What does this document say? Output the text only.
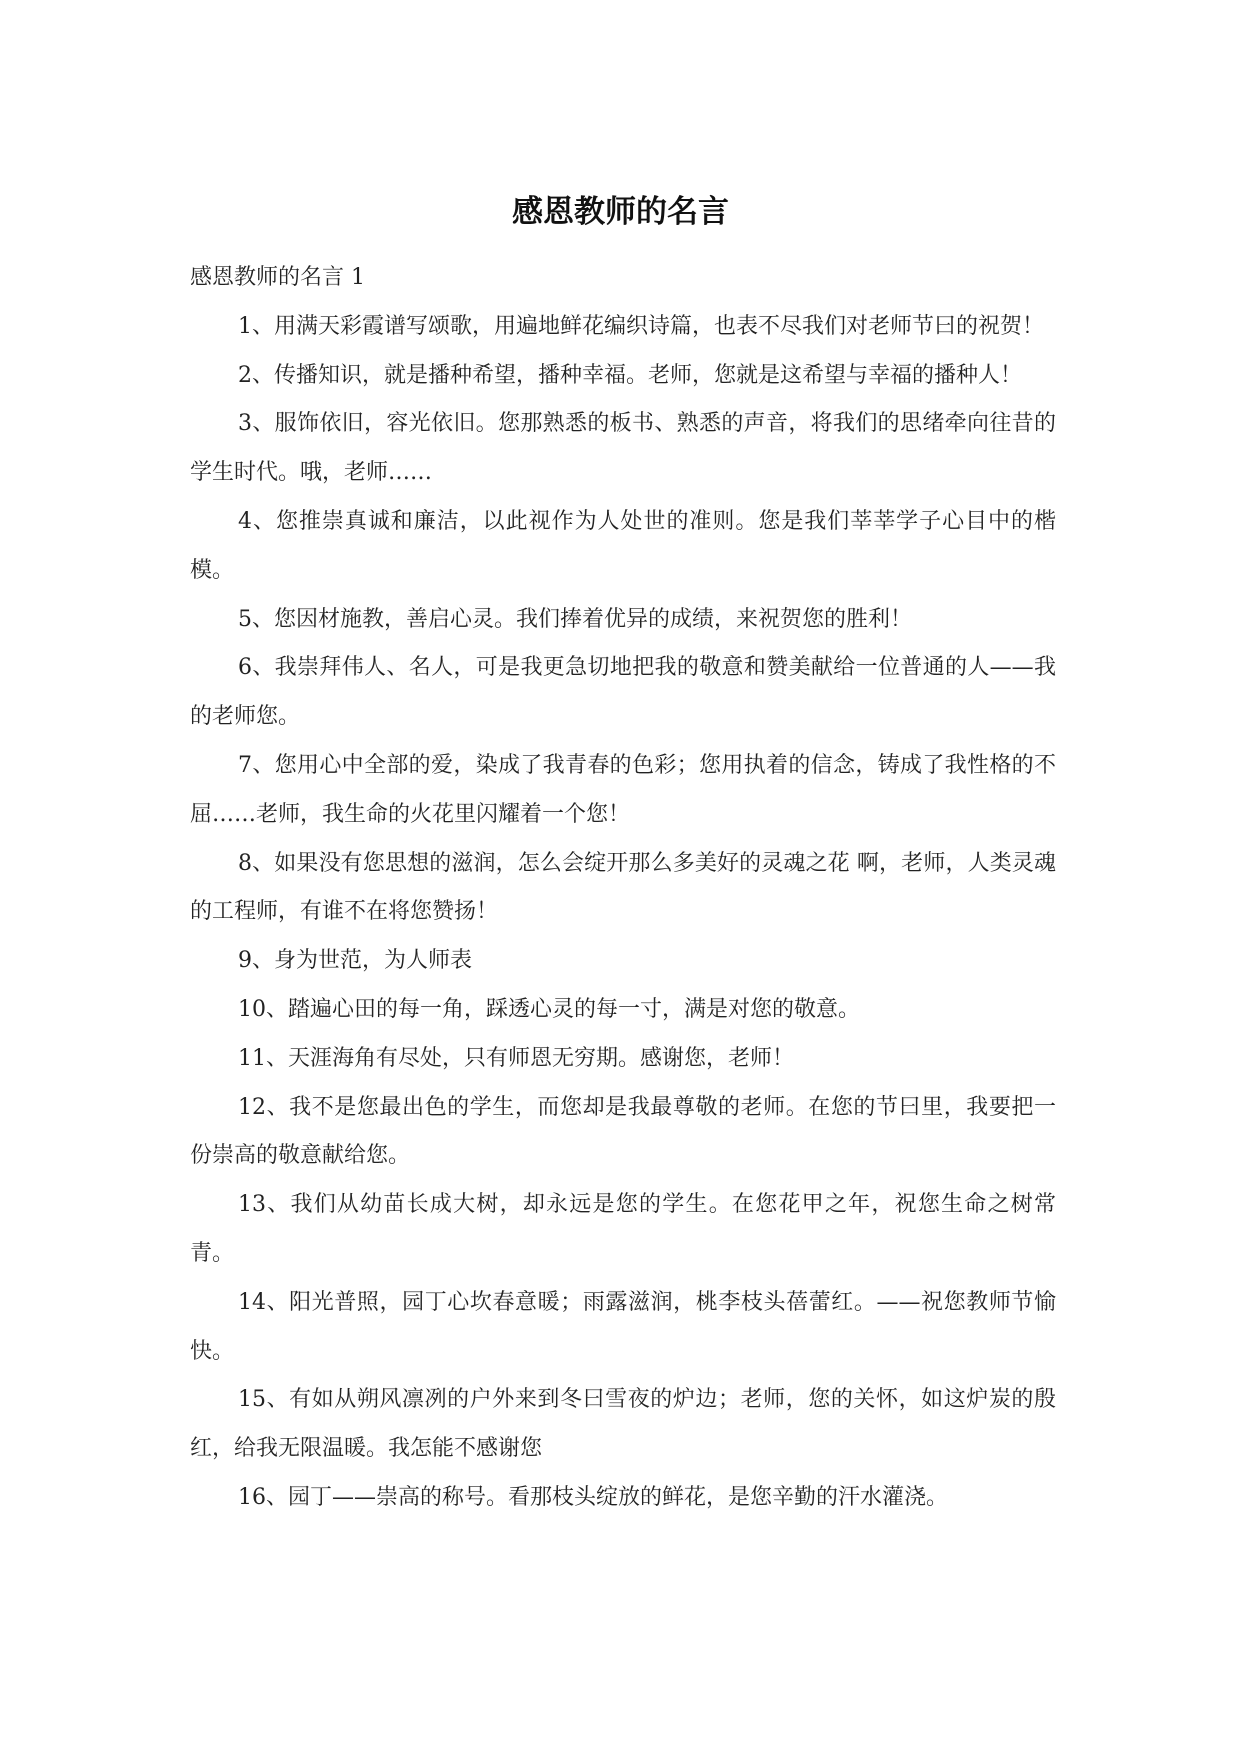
感恩教师的名言

感恩教师的名言 1

1、用满天彩霞谱写颂歌，用遍地鲜花编织诗篇，也表不尽我们对老师节曰的祝贺！

2、传播知识，就是播种希望，播种幸福。老师，您就是这希望与幸福的播种人！

3、服饰依旧，容光依旧。您那熟悉的板书、熟悉的声音，将我们的思绪牵向往昔的学生时代。哦，老师……

4、您推崇真诚和廉洁，以此视作为人处世的准则。您是我们莘莘学子心目中的楷模。

5、您因材施教，善启心灵。我们捧着优异的成绩，来祝贺您的胜利！

6、我崇拜伟人、名人，可是我更急切地把我的敬意和赞美献给一位普通的人——我的老师您。

7、您用心中全部的爱，染成了我青春的色彩；您用执着的信念，铸成了我性格的不屈……老师，我生命的火花里闪耀着一个您！

8、如果没有您思想的滋润，怎么会绽开那么多美好的灵魂之花 啊，老师，人类灵魂的工程师，有谁不在将您赞扬！

9、身为世范，为人师表

10、踏遍心田的每一角，踩透心灵的每一寸，满是对您的敬意。

11、天涯海角有尽处，只有师恩无穷期。感谢您，老师！

12、我不是您最出色的学生，而您却是我最尊敬的老师。在您的节曰里，我要把一份崇高的敬意献给您。

13、我们从幼苗长成大树，却永远是您的学生。在您花甲之年，祝您生命之树常青。

14、阳光普照，园丁心坎春意暖；雨露滋润，桃李枝头蓓蕾红。——祝您教师节愉快。

15、有如从朔风凛冽的户外来到冬曰雪夜的炉边；老师，您的关怀，如这炉炭的殷红，给我无限温暖。我怎能不感谢您

16、园丁——崇高的称号。看那枝头绽放的鲜花，是您辛勤的汗水灌浇。
